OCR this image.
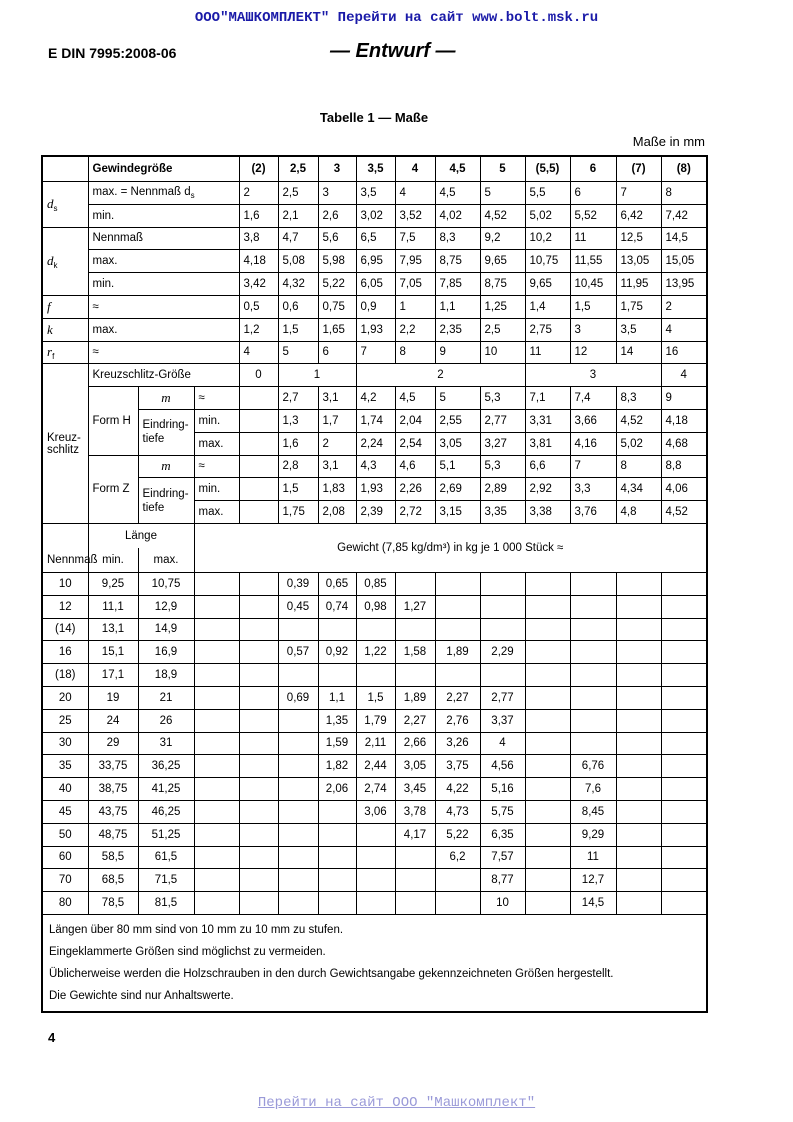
ООО"МАШКОМПЛЕКТ" Перейти на сайт www.bolt.msk.ru
E DIN 7995:2008-06	— Entwurf —
Tabelle 1 — Maße
Maße in mm
	Gewindegröße			(2)	2,5	3	3,5	4	4,5	5	(5,5)	6	(7)	(8)
$d_s$	max. = Nennmaß $d_s$			2	2,5	3	3,5	4	4,5	5	5,5	6	7	8
	min.			1,6	2,1	2,6	3,02	3,52	4,02	4,52	5,02	5,52	6,42	7,42
$d_k$	Nennmaß			3,8	4,7	5,6	6,5	7,5	8,3	9,2	10,2	11	12,5	14,5
	max.			4,18	5,08	5,98	6,95	7,95	8,75	9,65	10,75	11,55	13,05	15,05
	min.			3,42	4,32	5,22	6,05	7,05	7,85	8,75	9,65	10,45	11,95	13,95
f	≈			0,5	0,6	0,75	0,9	1	1,1	1,25	1,4	1,5	1,75	2
k	max.			1,2	1,5	1,65	1,93	2,2	2,35	2,5	2,75	3	3,5	4
$r_f$	≈			4	5	6	7	8	9	10	11	12	14	16
Kreuz-schlitz	Kreuzschlitz-Größe			0	1		2				3			4
	Form H	m	≈		2,7	3,1	4,2	4,5	5	5,3	7,1	7,4	8,3	9
		Eindring-tiefe	min.		1,3	1,7	1,74	2,04	2,55	2,77	3,31	3,66	4,52	4,18
			max.		1,6	2	2,24	2,54	3,05	3,27	3,81	4,16	5,02	4,68
	Form Z	m	≈		2,8	3,1	4,3	4,6	5,1	5,3	6,6	7	8	8,8
		Eindring-tiefe	min.		1,5	1,83	1,93	2,26	2,69	2,89	2,92	3,3	4,34	4,06
			max.		1,75	2,08	2,39	2,72	3,15	3,35	3,38	3,76	4,8	4,52
	Länge		Gewicht (7,85 kg/dm³) in kg je 1 000 Stück ≈											
Nennmaß	min.	max.												
10	9,25	10,75			0,39	0,65	0,85							
12	11,1	12,9			0,45	0,74	0,98	1,27						
(14)	13,1	14,9												
16	15,1	16,9			0,57	0,92	1,22	1,58	1,89	2,29				
(18)	17,1	18,9												
20	19	21			0,69	1,1	1,5	1,89	2,27	2,77				
25	24	26				1,35	1,79	2,27	2,76	3,37				
30	29	31				1,59	2,11	2,66	3,26	4				
35	33,75	36,25				1,82	2,44	3,05	3,75	4,56		6,76		
40	38,75	41,25				2,06	2,74	3,45	4,22	5,16		7,6		
45	43,75	46,25					3,06	3,78	4,73	5,75		8,45		
50	48,75	51,25						4,17	5,22	6,35		9,29		
60	58,5	61,5							6,2	7,57		11		
70	68,5	71,5								8,77		12,7		
80	78,5	81,5								10		14,5		

Längen über 80 mm sind von 10 mm zu 10 mm zu stufen.
Eingeklammerte Größen sind möglichst zu vermeiden.
Üblicherweise werden die Holzschrauben in den durch Gewichtsangabe gekennzeichneten Größen hergestellt.
Die Gewichte sind nur Anhaltswerte.														
4
Перейти на сайт ООО "Машкомплект"
